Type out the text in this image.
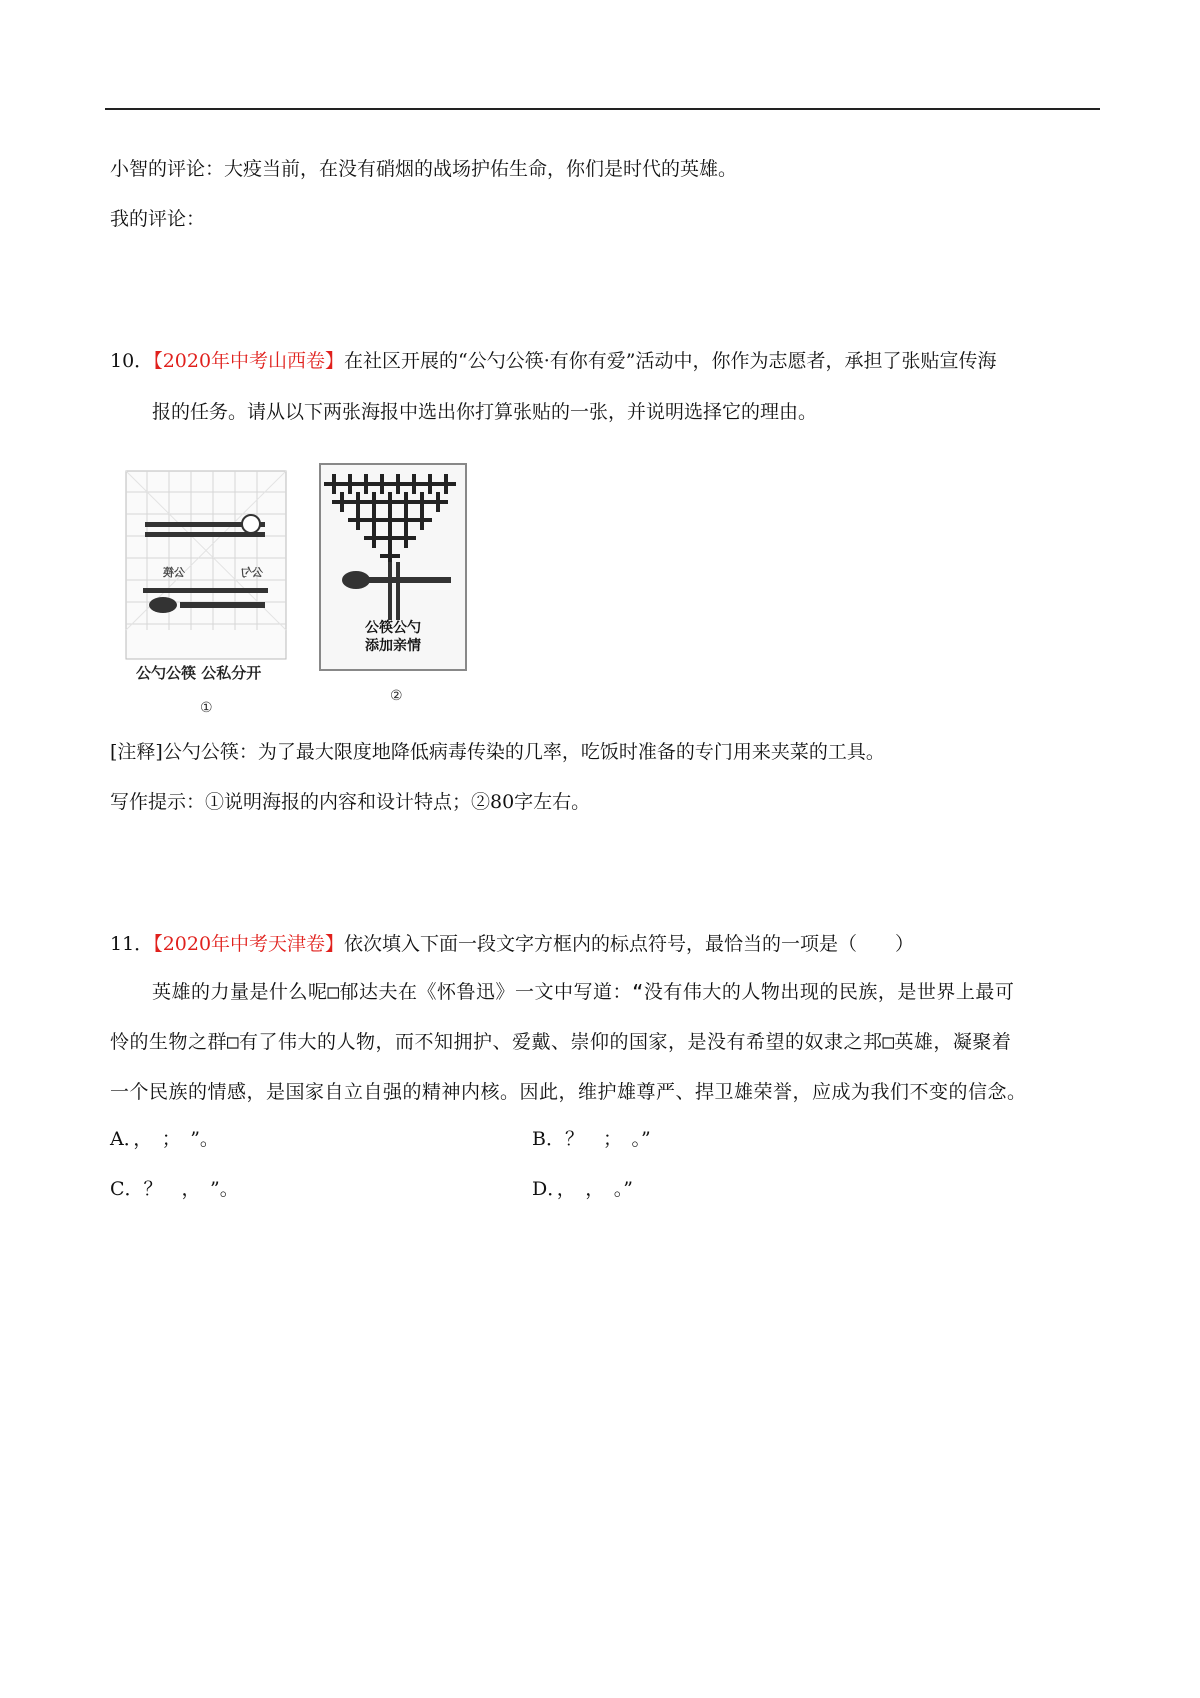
小智的评论：大疫当前，在没有硝烟的战场护佑生命，你们是时代的英雄。
我的评论：
10．【2020年中考山西卷】在社区开展的“公勺公筷·有你有爱”活动中，你作为志愿者，承担了张贴宣传海
报的任务。请从以下两张海报中选出你打算张贴的一张，并说明选择它的理由。
公筷	公勺
公勺公筷 公私分开
①
公筷公勺
添加亲情
②
[注释]公勺公筷：为了最大限度地降低病毒传染的几率，吃饭时准备的专门用来夹菜的工具。
写作提示：①说明海报的内容和设计特点；②80字左右。
11．【2020年中考天津卷】依次填入下面一段文字方框内的标点符号，最恰当的一项是（　　）

英雄的力量是什么呢□郁达夫在《怀鲁迅》一文中写道：“没有伟大的人物出现的民族，是世界上最可

怜的生物之群□有了伟大的人物，而不知拥护、爱戴、崇仰的国家，是没有希望的奴隶之邦□英雄，凝聚着

一个民族的情感，是国家自立自强的精神内核。因此，维护雄尊严、捍卫雄荣誉，应成为我们不变的信念。

A．，　；　”。	B．？　；　。”
C．？　，　”。	D．，　，　。”
